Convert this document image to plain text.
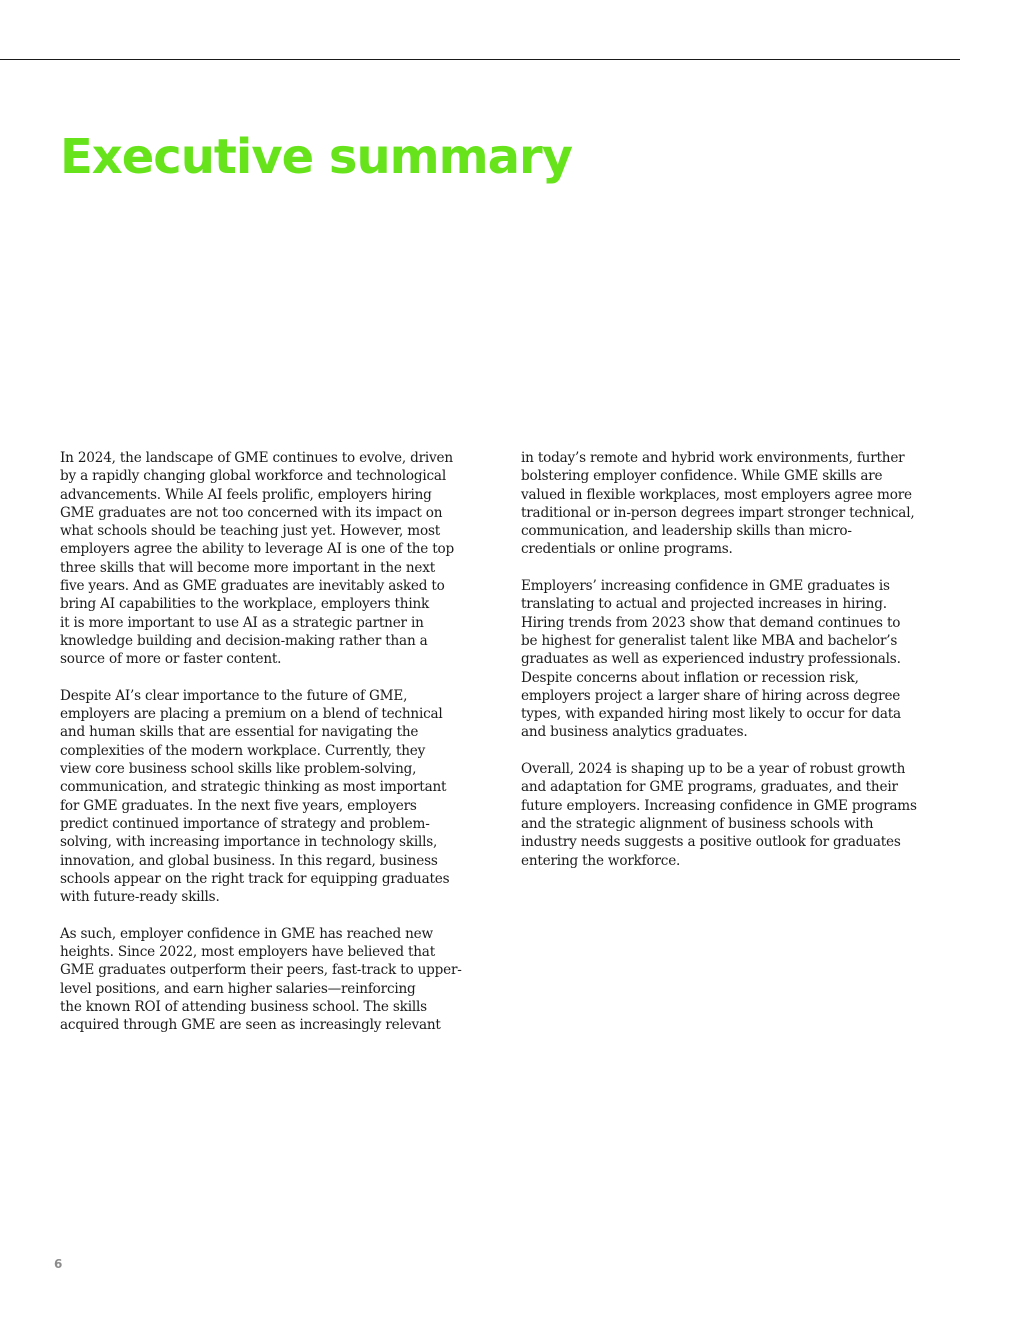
Executive summary

In 2024, the landscape of GME continues to evolve, driven
by a rapidly changing global workforce and technological
advancements. While AI feels prolific, employers hiring
GME graduates are not too concerned with its impact on
what schools should be teaching just yet. However, most
employers agree the ability to leverage AI is one of the top
three skills that will become more important in the next
five years. And as GME graduates are inevitably asked to
bring AI capabilities to the workplace, employers think
it is more important to use AI as a strategic partner in
knowledge building and decision-making rather than a
source of more or faster content.

Despite AI’s clear importance to the future of GME,
employers are placing a premium on a blend of technical
and human skills that are essential for navigating the
complexities of the modern workplace. Currently, they
view core business school skills like problem-solving,
communication, and strategic thinking as most important
for GME graduates. In the next five years, employers
predict continued importance of strategy and problem-
solving, with increasing importance in technology skills,
innovation, and global business. In this regard, business
schools appear on the right track for equipping graduates
with future-ready skills.

As such, employer confidence in GME has reached new
heights. Since 2022, most employers have believed that
GME graduates outperform their peers, fast-track to upper-
level positions, and earn higher salaries—reinforcing
the known ROI of attending business school. The skills
acquired through GME are seen as increasingly relevant

in today’s remote and hybrid work environments, further
bolstering employer confidence. While GME skills are
valued in flexible workplaces, most employers agree more
traditional or in-person degrees impart stronger technical,
communication, and leadership skills than micro-
credentials or online programs.

Employers’ increasing confidence in GME graduates is
translating to actual and projected increases in hiring.
Hiring trends from 2023 show that demand continues to
be highest for generalist talent like MBA and bachelor’s
graduates as well as experienced industry professionals.
Despite concerns about inflation or recession risk,
employers project a larger share of hiring across degree
types, with expanded hiring most likely to occur for data
and business analytics graduates.

Overall, 2024 is shaping up to be a year of robust growth
and adaptation for GME programs, graduates, and their
future employers. Increasing confidence in GME programs
and the strategic alignment of business schools with
industry needs suggests a positive outlook for graduates
entering the workforce.

6
